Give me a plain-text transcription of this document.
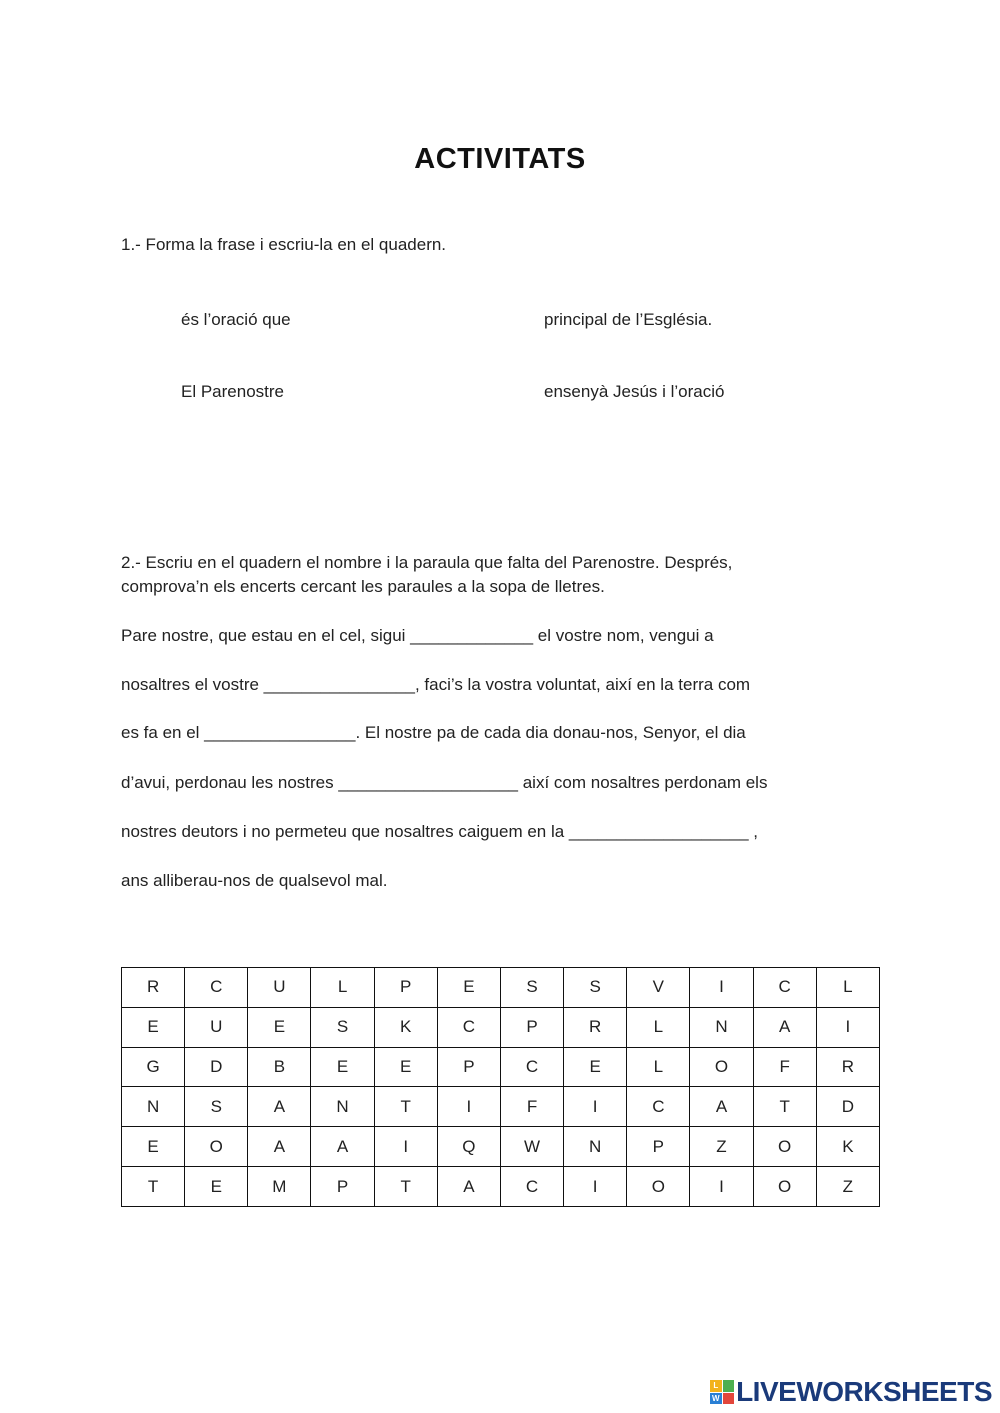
ACTIVITATS
1.- Forma la frase i escriu-la en el quadern.
és l’oració que	principal de l’Església.
El Parenostre	ensenyà Jesús i l’oració
2.- Escriu en el quadern el nombre i la paraula que falta del Parenostre. Després,
comprova’n els encerts cercant les paraules a la sopa de lletres.
Pare nostre, que estau en el cel, sigui _____________ el vostre nom, vengui a
nosaltres el vostre ________________, faci’s la vostra voluntat, així en la terra com
es fa en el ________________. El nostre pa de cada dia donau-nos, Senyor, el dia
d’avui, perdonau les nostres ___________________ així com nosaltres perdonam els
nostres deutors i no permeteu que nosaltres caiguem en la ___________________ ,
ans alliberau-nos de qualsevol mal.
R	C	U	L	P	E	S	S	V	I	C	L
E	U	E	S	K	C	P	R	L	N	A	I
G	D	B	E	E	P	C	E	L	O	F	R
N	S	A	N	T	I	F	I	C	A	T	D
E	O	A	A	I	Q	W	N	P	Z	O	K
T	E	M	P	T	A	C	I	O	I	O	Z
L
W LIVEWORKSHEETS
